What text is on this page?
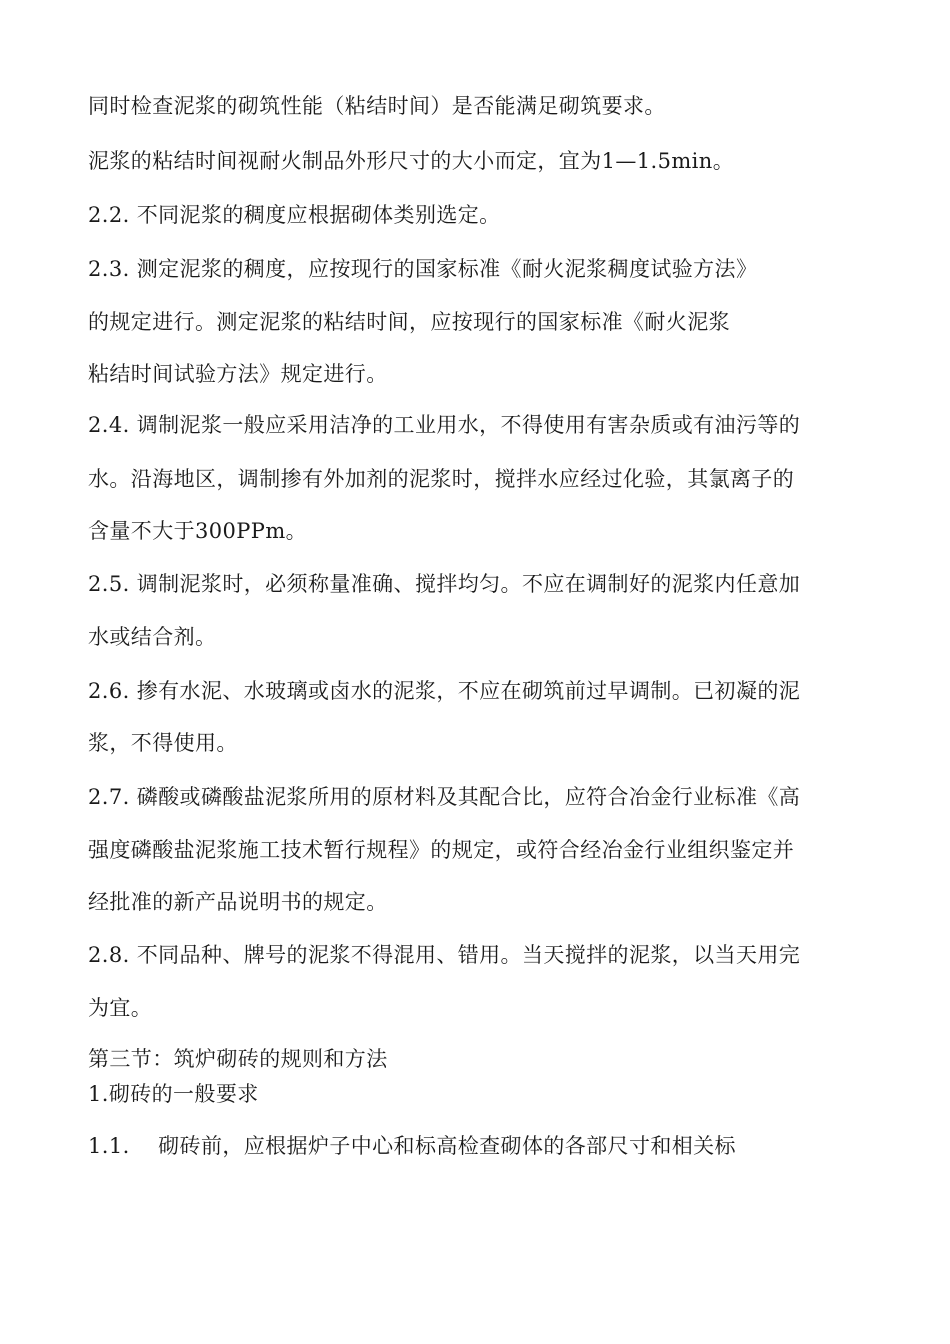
同时检查泥浆的砌筑性能（粘结时间）是否能满足砌筑要求。
泥浆的粘结时间视耐火制品外形尺寸的大小而定，宜为1—1.5min。
2.2. 不同泥浆的稠度应根据砌体类别选定。
2.3. 测定泥浆的稠度，应按现行的国家标准《耐火泥浆稠度试验方法》
的规定进行。测定泥浆的粘结时间，应按现行的国家标准《耐火泥浆
粘结时间试验方法》规定进行。
2.4. 调制泥浆一般应采用洁净的工业用水，不得使用有害杂质或有油污等的
水。沿海地区，调制掺有外加剂的泥浆时，搅拌水应经过化验，其氯离子的
含量不大于300PPm。
2.5. 调制泥浆时，必须称量准确、搅拌均匀。不应在调制好的泥浆内任意加
水或结合剂。
2.6. 掺有水泥、水玻璃或卤水的泥浆，不应在砌筑前过早调制。已初凝的泥
浆，不得使用。
2.7. 磷酸或磷酸盐泥浆所用的原材料及其配合比，应符合冶金行业标准《高
强度磷酸盐泥浆施工技术暂行规程》的规定，或符合经冶金行业组织鉴定并
经批准的新产品说明书的规定。
2.8. 不同品种、牌号的泥浆不得混用、错用。当天搅拌的泥浆，以当天用完
为宜。
第三节：筑炉砌砖的规则和方法
1.砌砖的一般要求
1.1.　 砌砖前，应根据炉子中心和标高检查砌体的各部尺寸和相关标
